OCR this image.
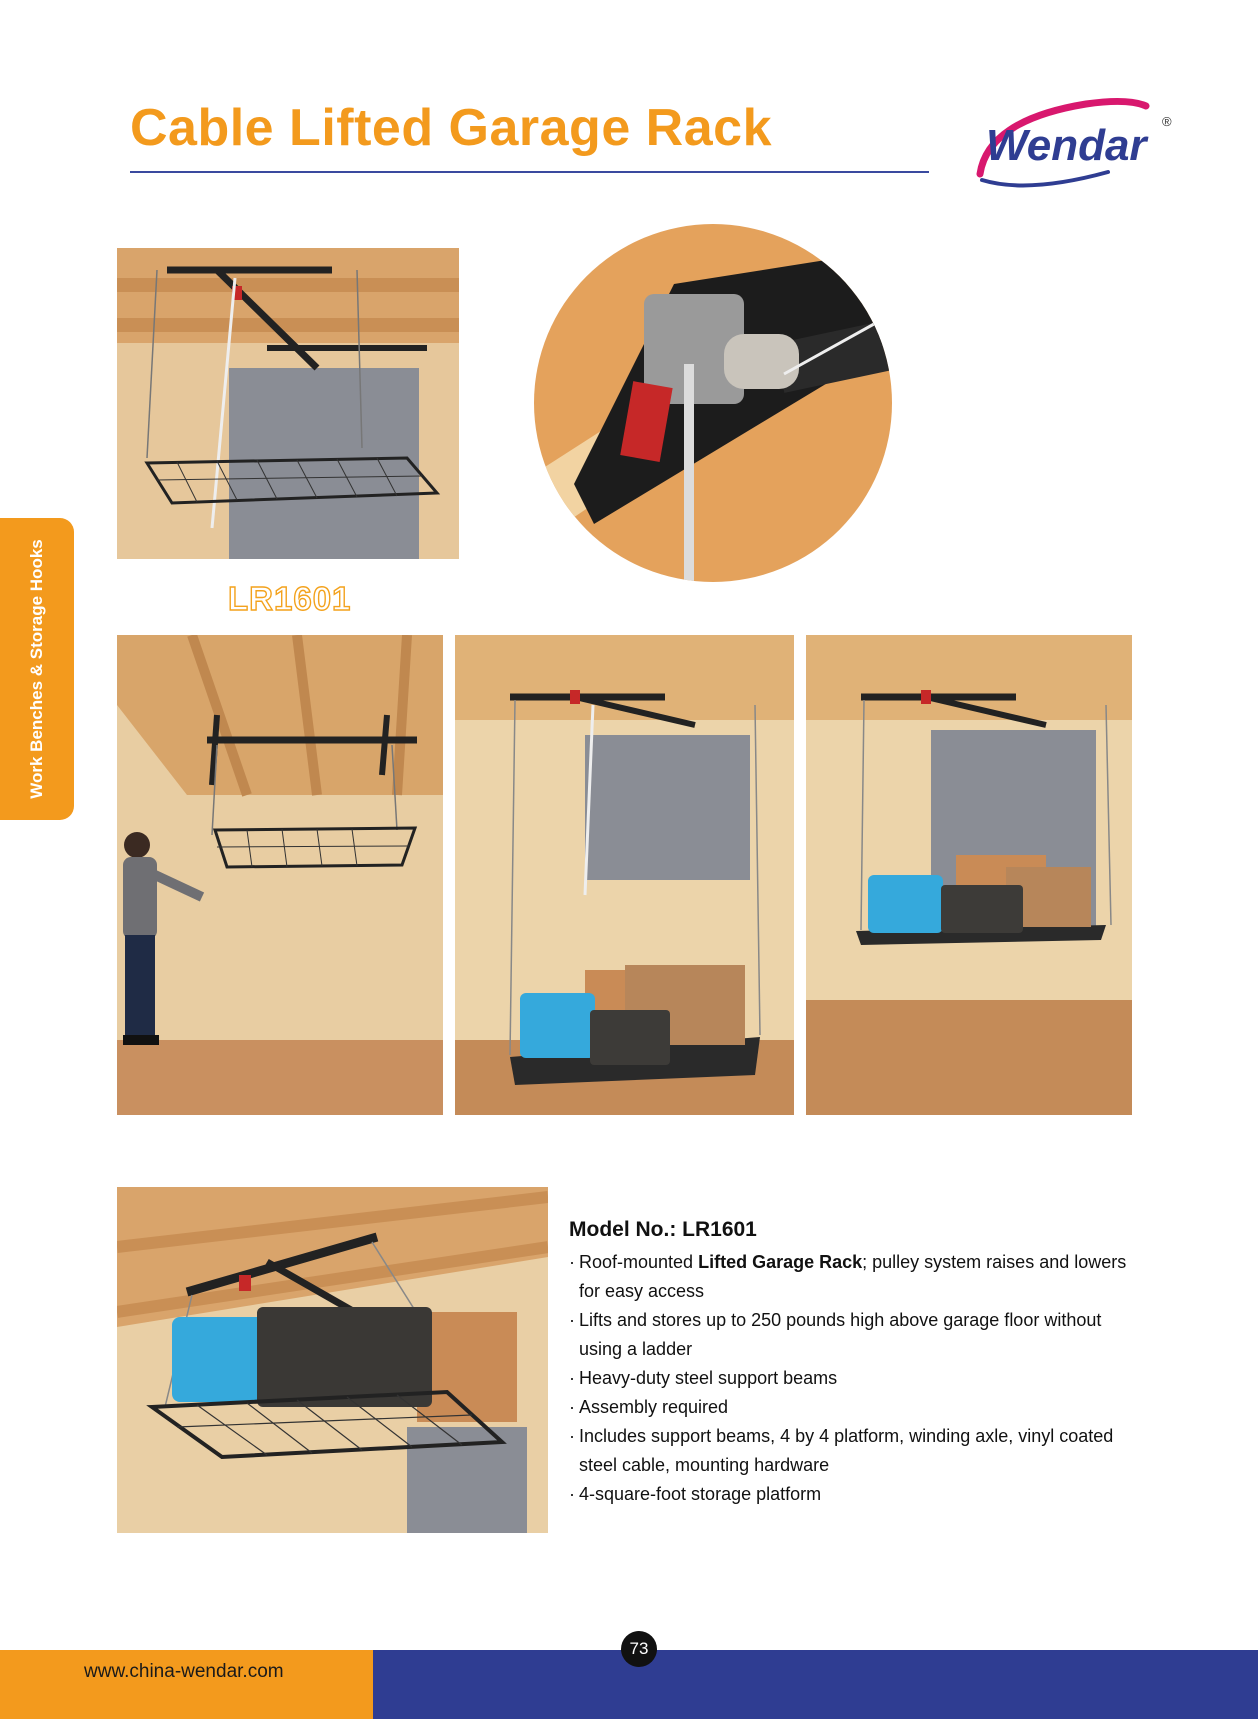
Cable Lifted Garage Rack	Wendar ®
Work Benches & Storage Hooks	LR1601
Model No.: LR1601
· Roof-mounted Lifted Garage Rack; pulley system raises and lowers for easy access
· Lifts and stores up to 250 pounds high above garage floor without using a ladder
· Heavy-duty steel support beams
· Assembly required
· Includes support beams, 4 by 4 platform, winding axle, vinyl coated steel cable, mounting hardware
· 4-square-foot storage platform
www.china-wendar.com
73
